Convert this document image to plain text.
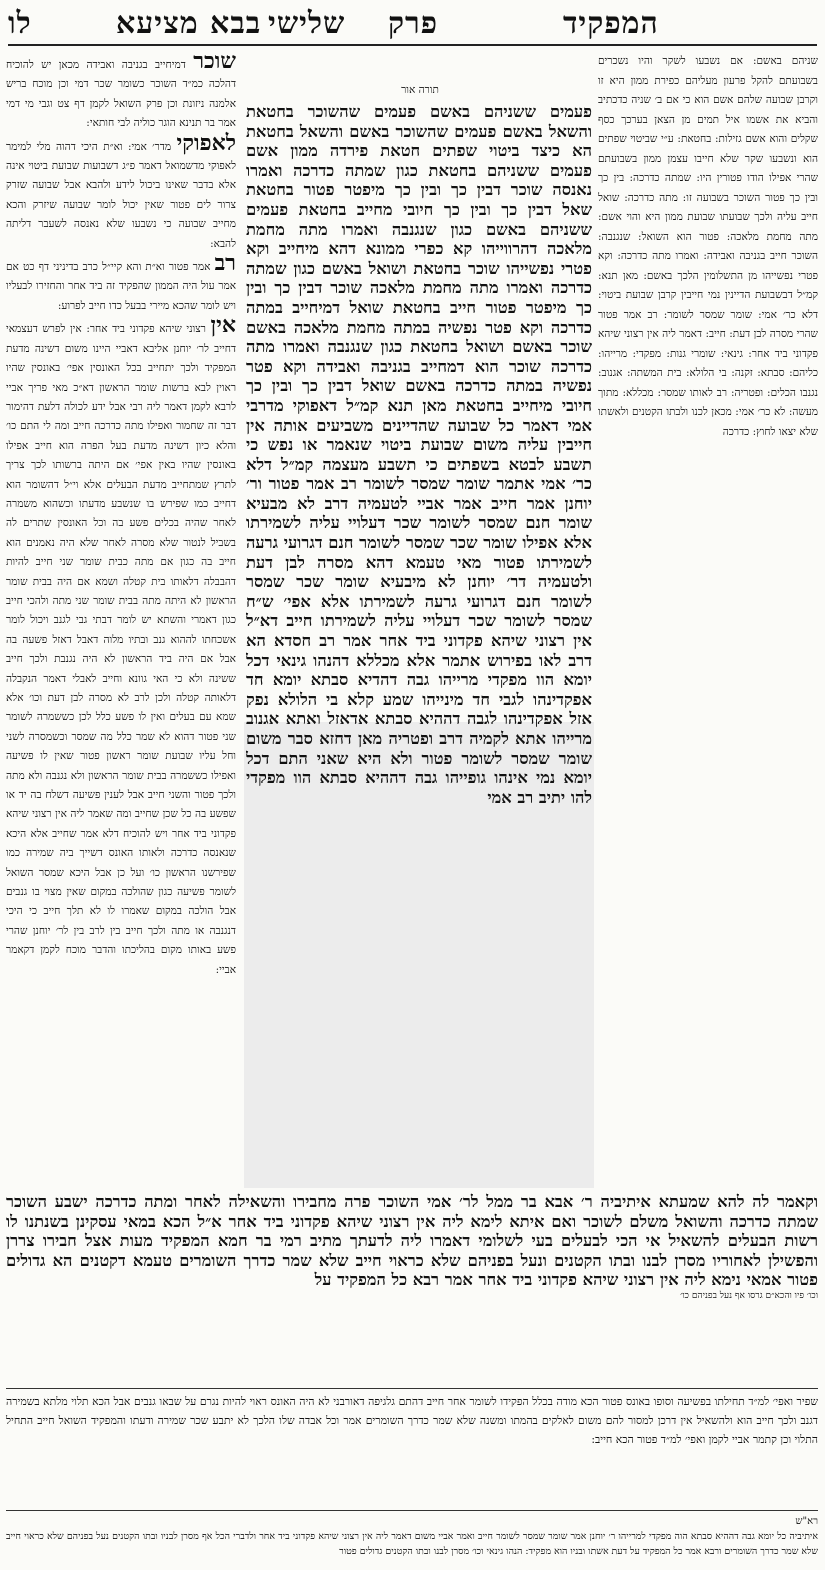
לו	בבא מציעא שלישי פרק	המפקיד

שניהם באשם: אם נשבעו לשקר והיו נשכרים בשבועתם להקל פרעון מעליהם כפירת ממון היא זו וקרבן שבועה שלהם אשם הוא כי אם ב׳ שניה כדכתיב והביא את אשמו איל תמים מן הצאן בערכך כסף שקלים והוא אשם גזילות: בחטאת: ע״י שביטוי שפתים הוא ונשבעו שקר שלא חייבו עצמן ממון בשבועתם שהרי אפילו הודו פטורין היו: שמתה כדרכה: בין כך ובין כך פטור השוכר בשבועה זו: מתה כדרכה: שואל חייב עליה ולכך שבועתו שבועת ממון היא והוי אשם: מתה מחמת מלאכה: פטור הוא השואל: שנגנבה: השוכר חייב בגניבה ואבידה: ואמרו מתה כדרכה: וקא פטרי נפשייהו מן התשלומין הלכך באשם: מאן תנא: קמ״ל דבשבועת הדיינין נמי חייבין קרבן שבועת ביטוי: דלא כר׳ אמי: שומר שמסר לשומר: רב אמר פטור שהרי מסרה לבן דעת: חייב: דאמר ליה אין רצוני שיהא פקדוני ביד אחר: גינאי: שומרי גנות: מפקדי: מרייהו: כליהם: סבתא: זקנה: בי הלולא: בית המשתה: אגנוב: נגנבו הכלים: ופטריה: רב לאותו שמסר: מכללא: מתוך מעשה: לא כר׳ אמי: מכאן לכנו ולבתו הקטנים ולאשתו שלא יצאו לחוץ: כדרכה

שוכר דמיחייב בגניבה ואבידה מכאן יש להוכיח דהלכה כמ״ד השוכר כשומר שכר דמי וכן מוכח בריש אלמנה ניזונת וכן פרק השואל לקמן דף צט וגבי מי דמי אמר בר תנינא הוגר כוליה לבי חותאי:

לאפוקי מדר׳ אמי: וא״ת היכי דהוה מלי למימר לאפוקי מדשמואל דאמר פ״ג דשבועות שבועת ביטוי אינה אלא בדבר שאינו ביכול לידע ולהבא אבל שבועה שזרק צרור לים פטור שאין יכול לומר שבועה שיזרק והכא מחייב שבועה כי נשבעו שלא נאנסה לשעבר דליתה להבא:

רב אמר פטור וא״ת והא קיי״ל כרב בדיניני דף כט אם אמר עול היה הממון שהפקיד זה ביד אחר והחזירו לבעליו ויש לומר שהכא מיירי בבעל כדו חייב לפרוע:

אין רצוני שיהא פקדוני ביד אחר: אין לפרש דעצמאי דחייב לר׳ יוחנן אליבא דאביי היינו משום דשינה מדעת המפקיד ולכך יתחייב בכל האונסין אפי׳ באונסין שהיו ראוין לבא ברשות שומר הראשון דא״כ מאי פריך אביי לרבא לקמן דאמר ליה רבי אבל ידע לכולה דלעת דהימור דבר זה שחמור ואפילו מתה כדרכה חייב ומה לי התם כו׳ והלא כיון דשינה מדעת בעל הפרה הוא חייב אפילו באונסין שהיו באין אפי׳ אם היתה ברשותו לכך צריך לתרץ שמתחייב מדעת הבעלים אלא וי״ל דהשומר הוא דחייב כמו שפירש בו שנשבע מדעתו וכשהוא משמרה לאחר שהיה בכלים פשע בה וכל האונסין שתרים לה בשביל לנטור שלא מסרה לאחר שלא היה נאמנים הוא חייב בה כגון אם מתה כבית שומר שני חייב להיות דהבבלה דלאותו בית קטלה ושמא אם היה בבית שומר הראשון לא היתה מתה בבית שומר שני מתה ולהכי חייב כגון דאמרי והשתא יש לומר דבתי גבי לגנב ויכול לומר אשכחתו לההוא גנב ובתיו מלוה דאבל דאזל פשעה בה אבל אם היה ביד הראשון לא היה נגנבת ולכך חייב ששינה ולא כי האי גוונא וחייב לאבלי דאמר הנקבלה דלאותה קטלה ולכן לרב לא מסרה לבן דעת וכו׳ אלא שמא עם בעלים ואין לו פשע כלל לכן כששמרה לשומר שני פטור דהוא לא שמר כלל מה שמסר וכשמסרה לשני וחל עליו שבועת שומר ראשון פטור שאין לו פשיעה ואפילו כששמרה בבית שומר הראשון ולא נגנבה ולא מתה ולכך פטור והשני חייב אבל לענין פשיעה דשלח בה יד או שפשע בה כל שכן שחייב ומה שאמר ליה אין רצוני שיהא פקדוני ביד אחר ויש להוכיח דלא אמר שחייב אלא היכא שנאנסה כדרכה ולאותו האונס דשייך ביה שמירה כמו שפירשנו הראשון כו׳ ועל כן אבל היכא שמסר השואל לשומר פשיעה כגון שהולכה במקום שאין מצוי בו גנבים אבל הולכה במקום שאמרו לו לא תלך חייב כי היכי דנגנבה או מתה ולכך חייב בין לרב בין לר׳ יוחנן שהרי פשע באותו מקום בהליכתו והדבר מוכח לקמן דקאמר אביי:

תורה אור

פעמים ששניהם באשם פעמים שהשוכר בחטאת והשאל באשם פעמים שהשוכר באשם והשאל בחטאת הא כיצד ביטוי שפתים חטאת פירדה ממון אשם פעמים ששניהם בחטאת כגון שמתה כדרכה ואמרו נאנסה שוכר דבין כך ובין כך מיפטר פטור בחטאת שאל דבין כך ובין כך חיובי מחייב בחטאת פעמים ששניהם באשם כגון שנגנבה ואמרו מתה מחמת מלאכה דהרווייהו קא כפרי ממונא דהא מיחייב וקא פטרי נפשייהו שוכר בחטאת ושואל באשם כגון שמתה כדרכה ואמרו מתה מחמת מלאכה שוכר דבין כך ובין כך מיפטר פטור חייב בחטאת שואל דמיחייב במתה כדרכה וקא פטר נפשיה במתה מחמת מלאכה באשם שוכר באשם ושואל בחטאת כגון שנגנבה ואמרו מתה כדרכה שוכר הוא דמחייב בגניבה ואבידה וקא פטר נפשיה במתה כדרכה באשם שואל דבין כך ובין כך חיובי מיחייב בחטאת מאן תנא קמ״ל דאפוקי מדרבי אמי דאמר כל שבועה שהדיינים משביעים אותה אין חייבין עליה משום שבועת ביטוי שנאמר או נפש כי תשבע לבטא בשפתים כי תשבע מעצמה קמ״ל דלא כר׳ אמי אתמר שומר שמסר לשומר רב אמר פטור ור׳ יוחנן אמר חייב אמר אביי לטעמיה דרב לא מבעיא שומר חנם שמסר לשומר שכר דעלויי עליה לשמירתו אלא אפילו שומר שכר שמסר לשומר חנם דגרועי גרעה לשמירתו פטור מאי טעמא דהא מסרה לבן דעת ולטעמיה דר׳ יוחנן לא מיבעיא שומר שכר שמסר לשומר חנם דגרועי גרעה לשמירתו אלא אפי׳ ש״ח שמסר לשומר שכר דעלויי עליה לשמירתו חייב דא״ל אין רצוני שיהא פקדוני ביד אחר אמר רב חסדא הא דרב לאו בפירוש אתמר אלא מכללא דהנהו גינאי דכל יומא הוו מפקדי מרייהו גבה דהדיא סבתא יומא חד אפקדינהו לגבי חד מינייהו שמע קלא בי הלולא נפק אזל אפקדינהו לגבה דההיא סבתא אדאזל ואתא אגנוב מרייהו אתא לקמיה דרב ופטריה מאן דחזא סבר משום שומר שמסר לשומר פטור ולא היא שאני התם דכל יומא נמי אינהו גופייהו גבה דההיא סבתא הוו מפקדי להו יתיב רב אמי

וקאמר לה להא שמעתא איתיביה ר׳ אבא בר ממל לר׳ אמי השוכר פרה מחבירו והשאילה לאחר ומתה כדרכה ישבע השוכר שמתה כדרכה והשואל משלם לשוכר ואם איתא לימא ליה אין רצוני שיהא פקדוני ביד אחר א״ל הכא במאי עסקינן בשנתנו לו רשות הבעלים להשאיל אי הכי לבעלים בעי לשלומי דאמרו ליה לדעתך מתיב רמי בר חמא המפקיד מעות אצל חבירו צררן והפשילן לאחוריו מסרן לבנו ובתו הקטנים ונעל בפניהם שלא כראוי חייב שלא שמר כדרך השומרים טעמא דקטנים הא גדולים פטור אמאי נימא ליה אין רצוני שיהא פקדוני ביד אחר אמר רבא כל המפקיד על
וכו׳ פיו והכא״ם גרסו אף נעל בפניהם כו׳
שפיר ואפי׳ למ״ד תחילתו בפשיעה וסופו באונס פטור הכא מודה בכלל הפקידו לשומר אחר חייב דהתם גלגיפה דאורבני לא היה האונס ראוי להיות נגרם על שבאו גנבים אבל הכא תלוי מלתא בשמירה דגנב ולכך חייב הוא ולהשאיל אין דרכן למסור להם משום לאלקים בהמתו ומשנה שלא שמר כדרך השומרים אמר וכל אבדה שלו הלכך לא יתבע שכר שמירה ודעתו והמפקיד השואל חייב התחיל התלוי וכן קתמר אביי לקמן ואפי׳ למ״ד פטור הכא חייב:
רא"ש
איתיביה כל יומא גבה דההיא סבתא הוה מפקדי למרייהו ר׳ יוחנן אמר שומר שמסר לשומר חייב ואמר אביי משום דאמר ליה אין רצוני שיהא פקדוני ביד אחר ולדברי הכל אף מסרן לבניו ובתו הקטנים נעל בפניהם שלא כראוי חייב שלא שמר כדרך השומרים ורבא אמר כל המפקיד על דעת אשתו ובניו הוא מפקיד: הנהו גינאי וכו׳ מסרן לבנו ובתו הקטנים גדולים פטור
